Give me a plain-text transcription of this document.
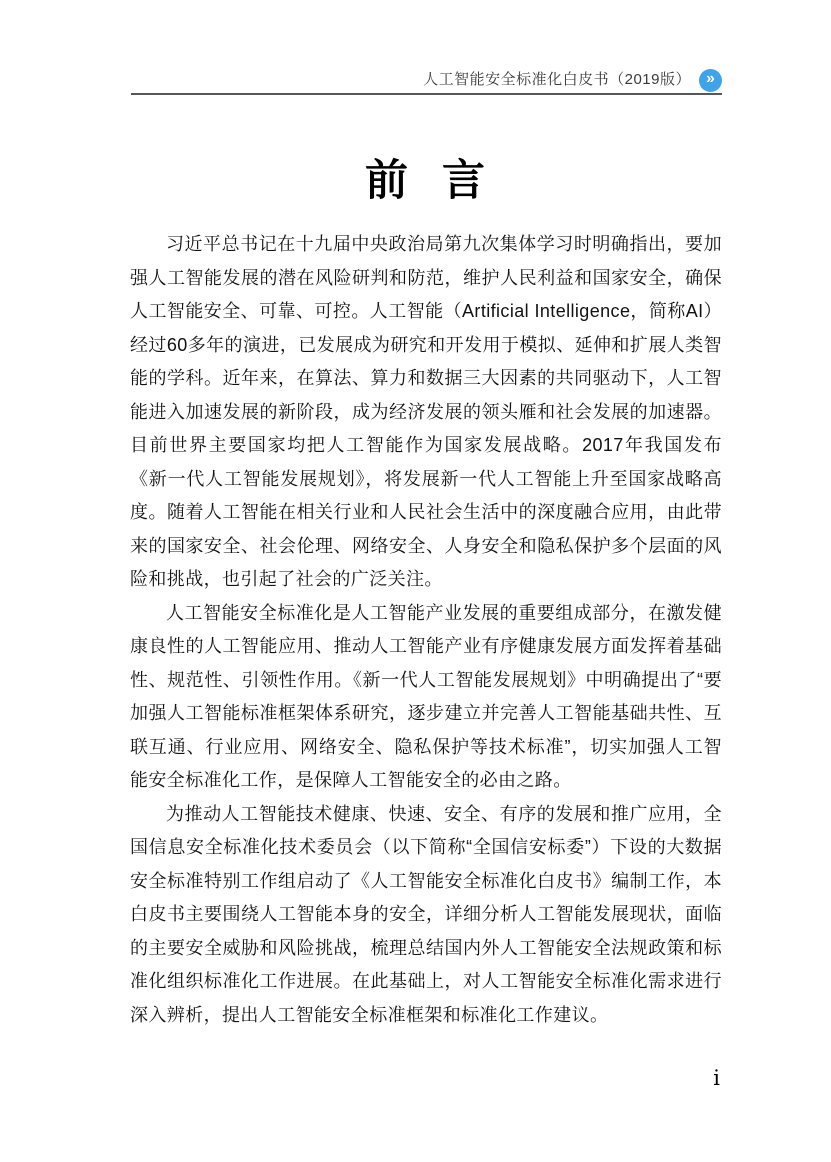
人工智能安全标准化白皮书（2019版） »
前 言

习近平总书记在十九届中央政治局第九次集体学习时明确指出，要加强人工智能发展的潜在风险研判和防范，维护人民利益和国家安全，确保人工智能安全、可靠、可控。人工智能（Artificial Intelligence，简称AI）经过60多年的演进，已发展成为研究和开发用于模拟、延伸和扩展人类智能的学科。近年来，在算法、算力和数据三大因素的共同驱动下，人工智能进入加速发展的新阶段，成为经济发展的领头雁和社会发展的加速器。目前世界主要国家均把人工智能作为国家发展战略。2017年我国发布《新一代人工智能发展规划》，将发展新一代人工智能上升至国家战略高度。随着人工智能在相关行业和人民社会生活中的深度融合应用，由此带来的国家安全、社会伦理、网络安全、人身安全和隐私保护多个层面的风险和挑战，也引起了社会的广泛关注。

人工智能安全标准化是人工智能产业发展的重要组成部分，在激发健康良性的人工智能应用、推动人工智能产业有序健康发展方面发挥着基础性、规范性、引领性作用。《新一代人工智能发展规划》中明确提出了“要加强人工智能标准框架体系研究，逐步建立并完善人工智能基础共性、互联互通、行业应用、网络安全、隐私保护等技术标准”，切实加强人工智能安全标准化工作，是保障人工智能安全的必由之路。

为推动人工智能技术健康、快速、安全、有序的发展和推广应用，全国信息安全标准化技术委员会（以下简称“全国信安标委”）下设的大数据安全标准特别工作组启动了《人工智能安全标准化白皮书》编制工作，本白皮书主要围绕人工智能本身的安全，详细分析人工智能发展现状，面临的主要安全威胁和风险挑战，梳理总结国内外人工智能安全法规政策和标准化组织标准化工作进展。在此基础上，对人工智能安全标准化需求进行深入辨析，提出人工智能安全标准框架和标准化工作建议。

i
